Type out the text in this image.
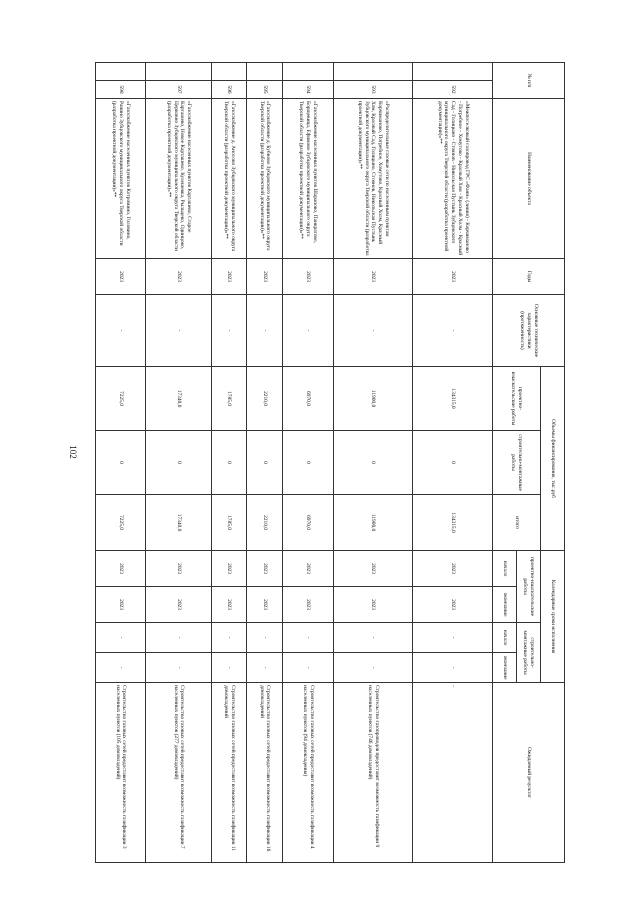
102
№ п/п		Наименование объекта	Годы	Основные технические характеристики (протяженность)	Объемы финансирования, тыс.руб			Календарные сроки исполнения				Ожидаемый результат
					проектно-изыскательские работы	строительно-монтажные работы	итого	проектно-изыскательские работы		строительно-монтажные работы		
								начало	окончание	начало	окончание	
	592	«Межпоселковый газопровод ГРС «Фанн» (линия) - Корчиманово - Погребное - Хомутово - Красный Хом - Красный Холм - Красный Сад - Голицыно - Стоянов - Никольская Пустынь Зубцовского муниципального округа Тверской области (разработка проектной документации)»**	2023	-	134315,0	0	134315,0	2023	2023	-	-	-
	593	«Распределительные газовые сети по населенным пунктам Корчиманово, Погребное, Хомутово, Красный Холм, Красный Хом, Красный Сад, Голицыно, Стоянов, Никольская Пустынь Зубцовского муниципального округа Тверской области (разработка проектной документации)»**	2023	-	11900,0	0	11900,0	2023	2023	-	-	Строительство газопроводов предоставит возможность газификации 9 населенных пунктов (746 домовладений)
	594	«Газоснабжение населенных пунктов Шарапово, Панкратово, Борщевица, Ефимово Зубцовского муниципального округа Тверской области (разработка проектной документации)»**	2023	-	6970,0	0	6970,0	2023	2023	-	-	Строительство газовых сетей предоставит возможность газификации 4 населенных пунктов (94 домовладения)
	595	«Газоснабжение д. Бубново Зубцовского муниципального округа Тверской области (разработка проектной документации)»**	2023	-	2210,0	0	2210,0	2023	2023	-	-	Строительство газовых сетей предоставит возможность газификации 16 домовладений
	596	«Газоснабжение д. Аносово Зубцовского муниципального округа Тверской области (разработка проектной документации)»**	2023	-	1785,0	0	1785,0	2023	2023	-	-	Строительство газовых сетей предоставит возможность газификации 11 домовладений
	597	«Газоснабжение населенных пунктов Карташево, Старое Карташево, Новое Карташево, Кулешевка, Рыльцево, Одинцово, Церковно Зубцовского муниципального округа Тверской области (разработка проектной документации)»**	2023	-	17340,0	0	17340,0	2023	2023	-	-	Строительство газовых сетей предоставит возможность газификации 7 населенных пунктов (277 домовладений)
	598	«Газоснабжение населенных пунктов Котромино, Головино, Ранино Зубцовского муниципального округа Тверской области (разработка проектной документации)»**	2023	-	7225,0	0	7225,0	2023	2023	-	-	Строительство газовых сетей предоставит возможность газификации 3 населенных пунктов (105 домовладений)
